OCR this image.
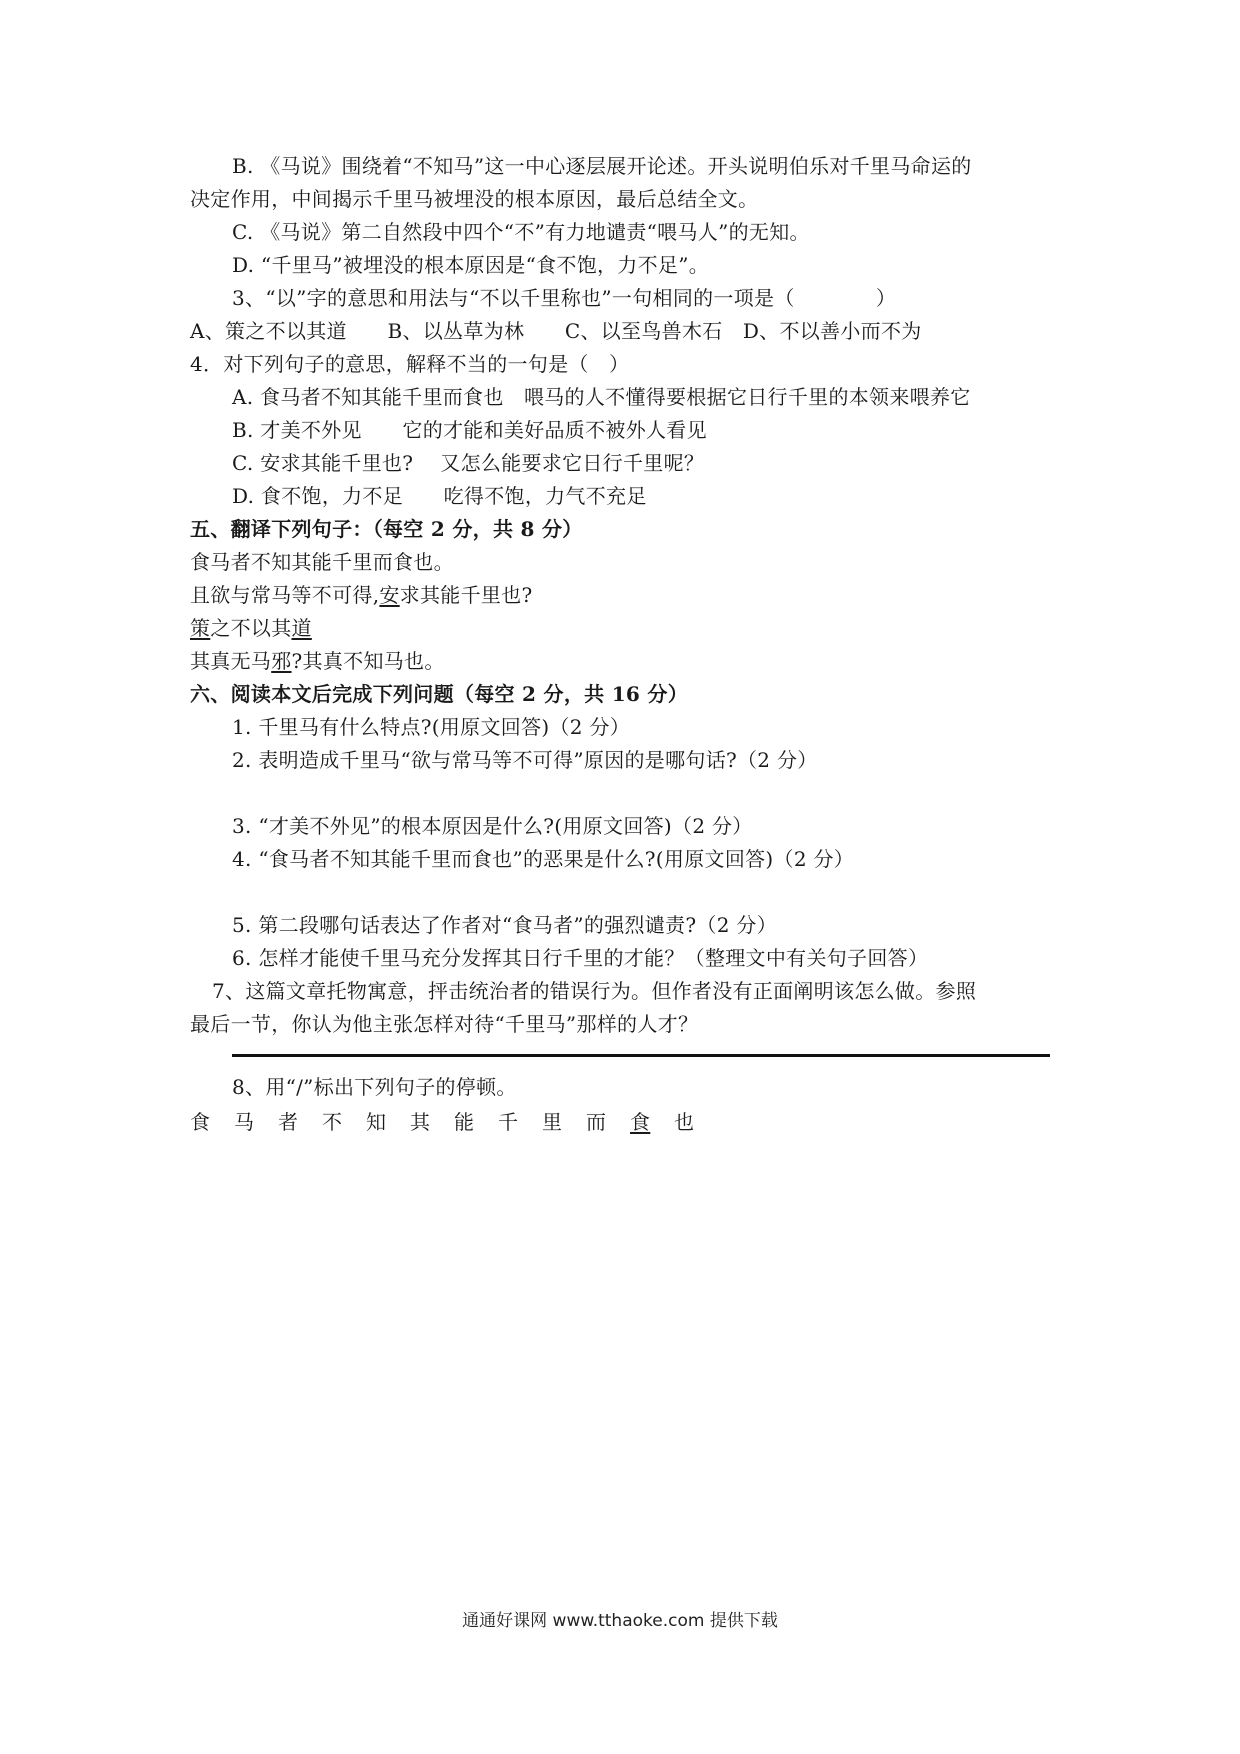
B. 《马说》围绕着“不知马”这一中心逐层展开论述。开头说明伯乐对千里马命运的
决定作用，中间揭示千里马被埋没的根本原因，最后总结全文。
C. 《马说》第二自然段中四个“不”有力地谴责“喂马人”的无知。
D. “千里马”被埋没的根本原因是“食不饱，力不足”。
3、“以”字的意思和用法与“不以千里称也”一句相同的一项是（　　　　）
A、策之不以其道　　B、以丛草为林　　C、以至鸟兽木石　D、不以善小而不为
4．对下列句子的意思，解释不当的一句是（　）
A. 食马者不知其能千里而食也　喂马的人不懂得要根据它日行千里的本领来喂养它
B. 才美不外见　　它的才能和美好品质不被外人看见
C. 安求其能千里也?　 又怎么能要求它日行千里呢？
D. 食不饱，力不足　　吃得不饱，力气不充足
五、翻译下列句子：（每空 2 分，共 8 分）
食马者不知其能千里而食也。
且欲与常马等不可得,安求其能千里也?
策之不以其道
其真无马邪?其真不知马也。
六、阅读本文后完成下列问题（每空 2 分，共 16 分）
1. 千里马有什么特点?(用原文回答)（2 分）
2. 表明造成千里马“欲与常马等不可得”原因的是哪句话?（2 分）
3. “才美不外见”的根本原因是什么?(用原文回答)（2 分）
4. “食马者不知其能千里而食也”的恶果是什么?(用原文回答)（2 分）
5. 第二段哪句话表达了作者对“食马者”的强烈谴责?（2 分）
6. 怎样才能使千里马充分发挥其日行千里的才能？（整理文中有关句子回答）
7、这篇文章托物寓意，抨击统治者的错误行为。但作者没有正面阐明该怎么做。参照
最后一节，你认为他主张怎样对待“千里马”那样的人才？
8、用“/”标出下列句子的停顿。
食 马 者 不 知 其 能 千 里 而 食 也
通通好课网 www.tthaoke.com 提供下载
